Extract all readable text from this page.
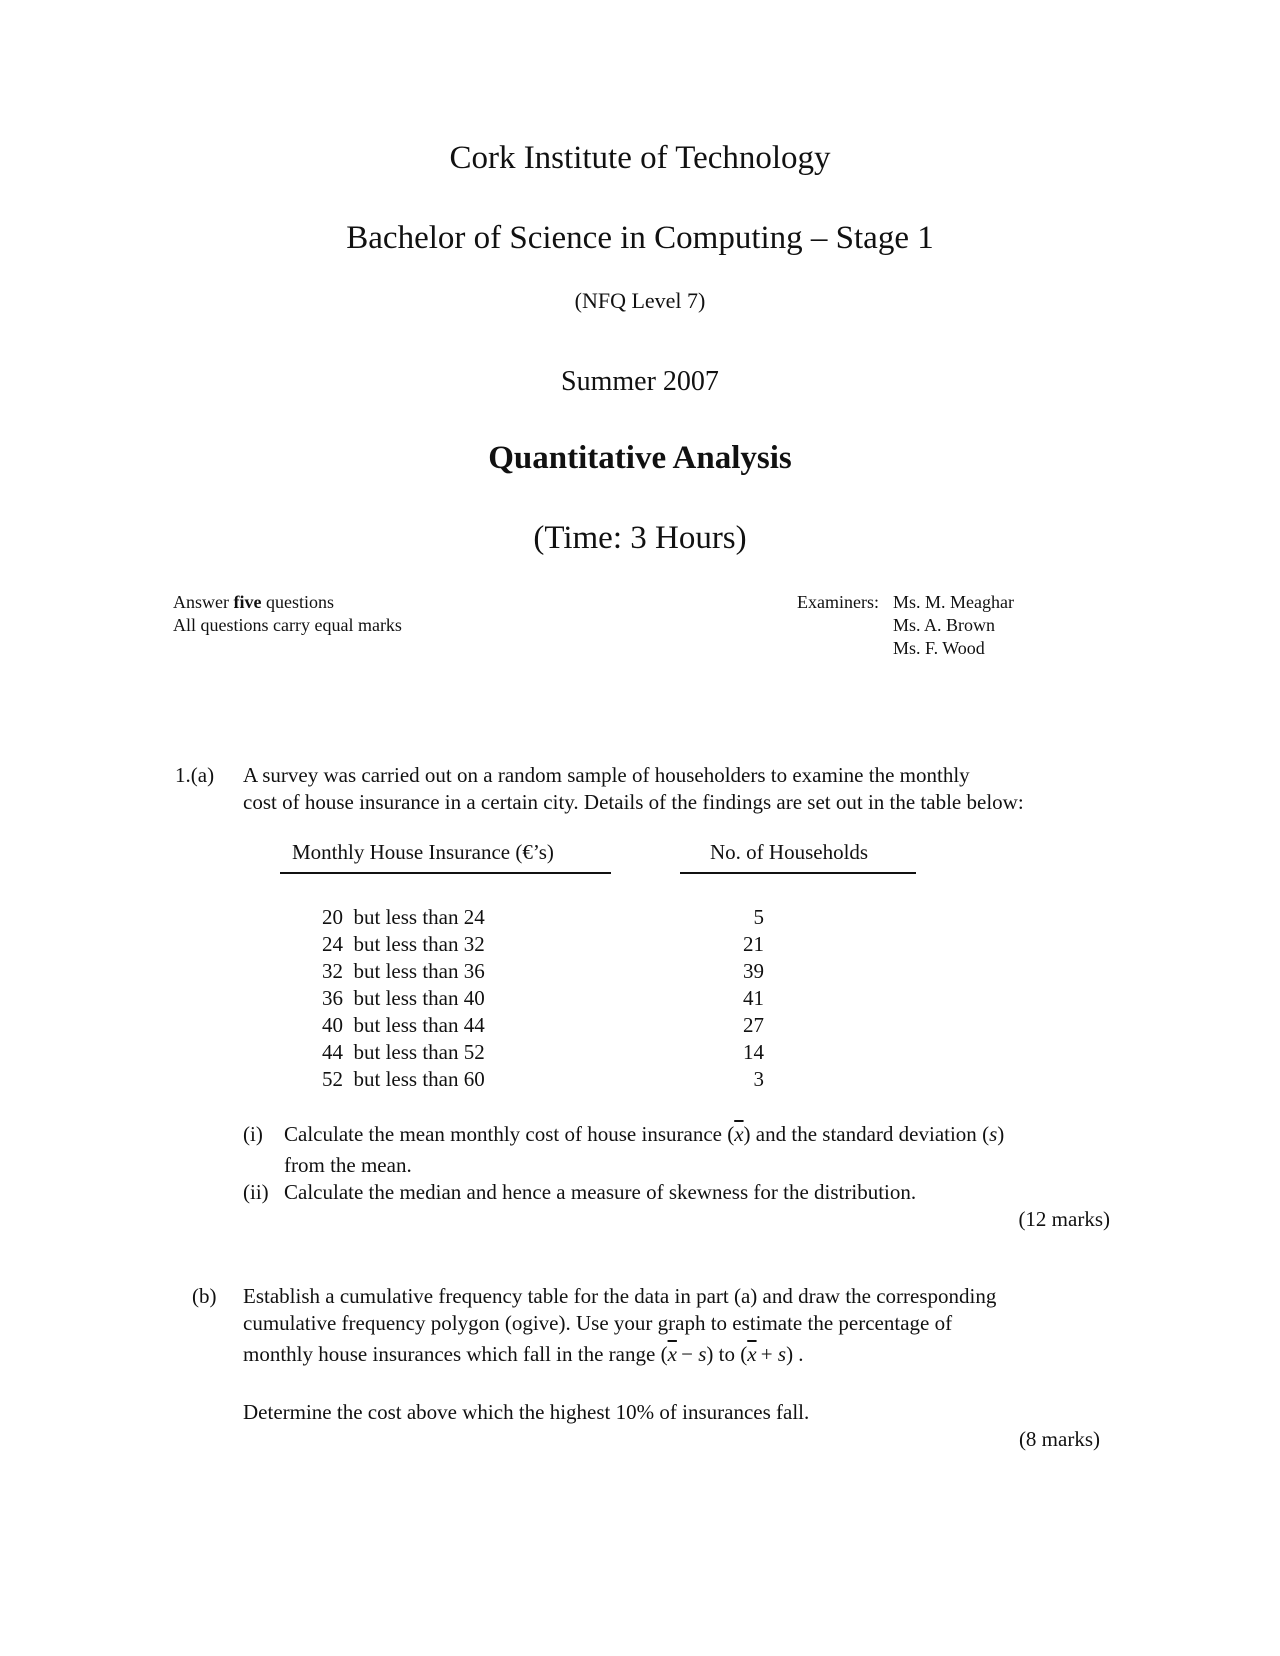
Cork Institute of Technology
Bachelor of Science in Computing – Stage 1
(NFQ Level 7)
Summer 2007
Quantitative Analysis
(Time: 3 Hours)
Answer five questions
All questions carry equal marks
Examiners: Ms. M. Meaghar
Ms. A. Brown
Ms. F. Wood
1.(a) A survey was carried out on a random sample of householders to examine the monthly
cost of house insurance in a certain city. Details of the findings are set out in the table below:
Monthly House Insurance (€’s)	No. of Households
20 but less than 24	5
24 but less than 32	21
32 but less than 36	39
36 but less than 40	41
40 but less than 44	27
44 but less than 52	14
52 but less than 60	3
(i) Calculate the mean monthly cost of house insurance $(\overline{x})$ and the standard deviation (s)
from the mean.
(ii) Calculate the median and hence a measure of skewness for the distribution.
(12 marks)
(b) Establish a cumulative frequency table for the data in part (a) and draw the corresponding
cumulative frequency polygon (ogive). Use your graph to estimate the percentage of
monthly house insurances which fall in the range $(\overline{x} - s)$ to $(\overline{x} + s)$ .
Determine the cost above which the highest 10% of insurances fall.
(8 marks)
